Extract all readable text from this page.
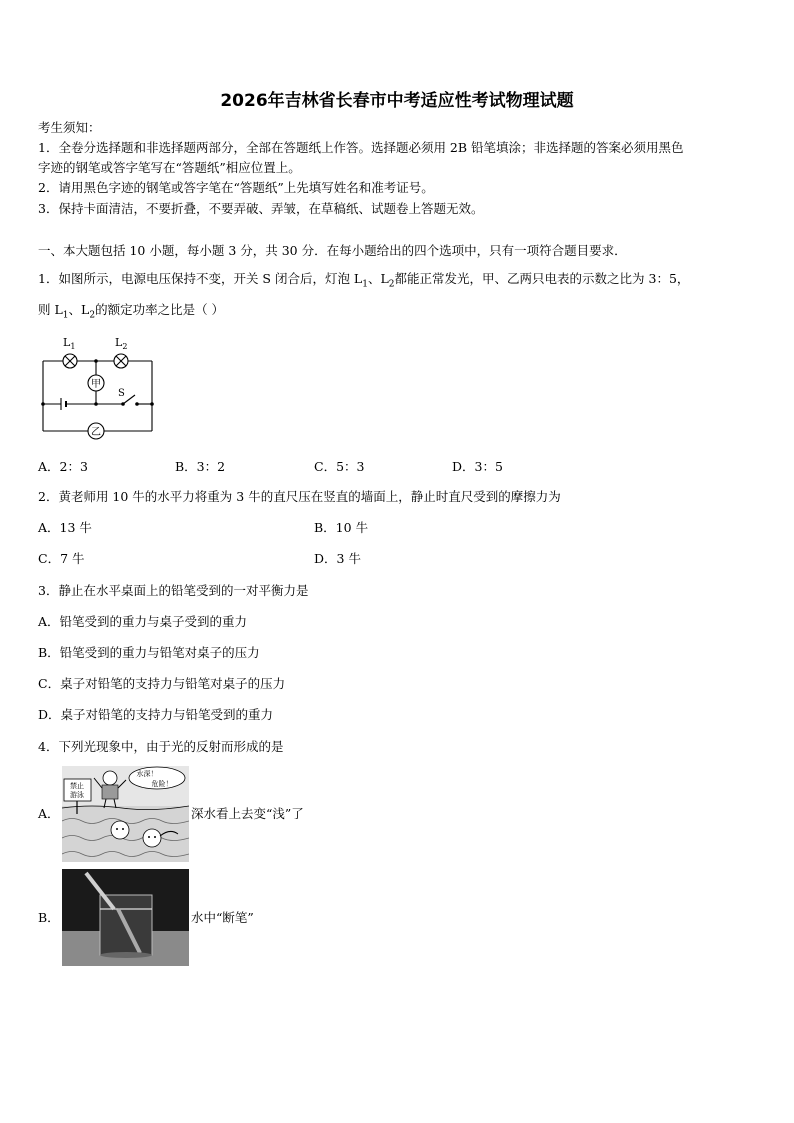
2026年吉林省长春市中考适应性考试物理试题
考生须知：
1．全卷分选择题和非选择题两部分，全部在答题纸上作答。选择题必须用 2B 铅笔填涂；非选择题的答案必须用黑色
字迹的钢笔或答字笔写在“答题纸”相应位置上。
2．请用黑色字迹的钢笔或答字笔在“答题纸”上先填写姓名和准考证号。
3．保持卡面清洁，不要折叠，不要弄破、弄皱，在草稿纸、试题卷上答题无效。
一、本大题包括 10 小题，每小题 3 分，共 30 分．在每小题给出的四个选项中，只有一项符合题目要求．
1．如图所示，电源电压保持不变，开关 S 闭合后，灯泡 $L_1$、$L_2$都能正常发光，甲、乙两只电表的示数之比为 3：5，
则 $L_1$、$L_2$的额定功率之比是（ ）
$L_1$	$L_2$
甲
乙
S
A．2：3	B．3：2	C．5：3	D．3：5
2．黄老师用 10 牛的水平力将重为 3 牛的直尺压在竖直的墙面上，静止时直尺受到的摩擦力为
A．13 牛	B．10 牛
C．7 牛	D．3 牛
3．静止在水平桌面上的铅笔受到的一对平衡力是
A．铅笔受到的重力与桌子受到的重力
B．铅笔受到的重力与铅笔对桌子的压力
C．桌子对铅笔的支持力与铅笔对桌子的压力
D．桌子对铅笔的支持力与铅笔受到的重力
4．下列光现象中，由于光的反射而形成的是
A．
禁止游泳
水深！危险！
深水看上去变“浅”了
B．	水中“断笔”
